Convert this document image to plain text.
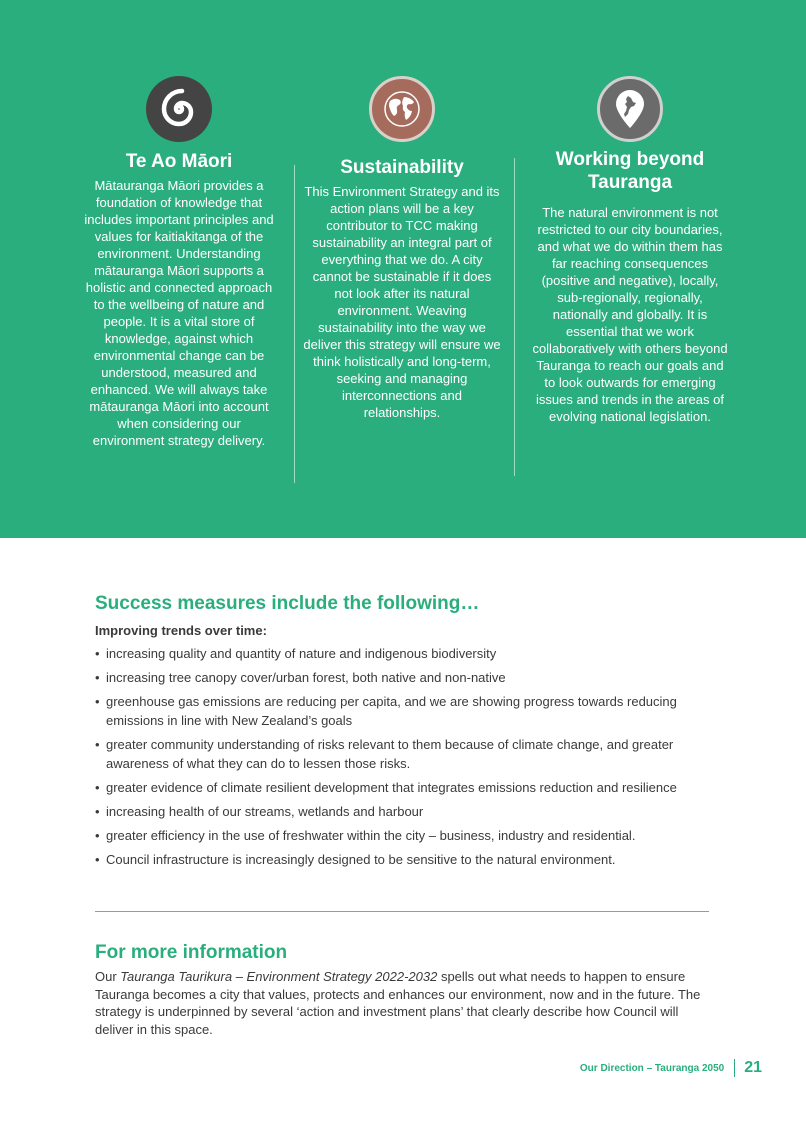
Te Ao Māori

Mātauranga Māori provides a foundation of knowledge that includes important principles and values for kaitiakitanga of the environment. Understanding mātauranga Māori supports a holistic and connected approach to the wellbeing of nature and people. It is a vital store of knowledge, against which environmental change can be understood, measured and enhanced. We will always take mātauranga Māori into account when considering our environment strategy delivery.

Sustainability

This Environment Strategy and its action plans will be a key contributor to TCC making sustainability an integral part of everything that we do. A city cannot be sustainable if it does not look after its natural environment. Weaving sustainability into the way we deliver this strategy will ensure we think holistically and long-term, seeking and managing interconnections and relationships.

Working beyond Tauranga

The natural environment is not restricted to our city boundaries, and what we do within them has far reaching consequences (positive and negative), locally, sub-regionally, regionally, nationally and globally. It is essential that we work collaboratively with others beyond Tauranga to reach our goals and to look outwards for emerging issues and trends in the areas of evolving national legislation.

Success measures include the following…

Improving trends over time:

• increasing quality and quantity of nature and indigenous biodiversity
• increasing tree canopy cover/urban forest, both native and non-native
• greenhouse gas emissions are reducing per capita, and we are showing progress towards reducing emissions in line with New Zealand’s goals
• greater community understanding of risks relevant to them because of climate change, and greater awareness of what they can do to lessen those risks.
• greater evidence of climate resilient development that integrates emissions reduction and resilience
• increasing health of our streams, wetlands and harbour
• greater efficiency in the use of freshwater within the city – business, industry and residential.
• Council infrastructure is increasingly designed to be sensitive to the natural environment.
For more information

Our Tauranga Taurikura – Environment Strategy 2022-2032 spells out what needs to happen to ensure Tauranga becomes a city that values, protects and enhances our environment, now and in the future. The strategy is underpinned by several ‘action and investment plans’ that clearly describe how Council will deliver in this space.

Our Direction – Tauranga 2050 21
